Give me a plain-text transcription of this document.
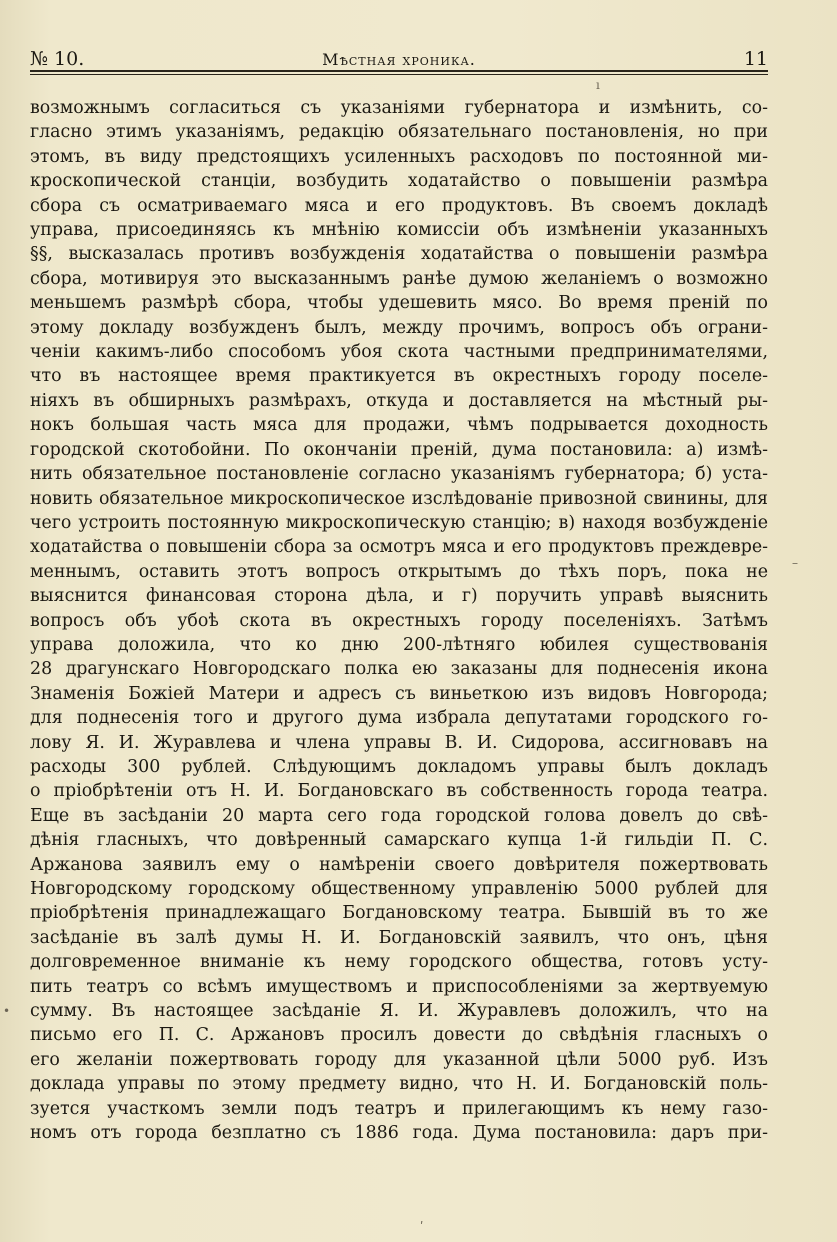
№ 10.	Мѣстная хроника.	11
возможнымъ согласиться съ указаніями губернатора и измѣнить, со-
гласно этимъ указаніямъ, редакцію обязательнаго постановленія, но при
этомъ, въ виду предстоящихъ усиленныхъ расходовъ по постоянной ми-
кроскопической станціи, возбудить ходатайство о повышеніи размѣра
сбора съ осматриваемаго мяса и его продуктовъ. Въ своемъ докладѣ
управа, присоединяясь къ мнѣнію комиссіи объ измѣненіи указанныхъ
§§, высказалась противъ возбужденія ходатайства о повышеніи размѣра
сбора, мотивируя это высказаннымъ ранѣе думою желаніемъ о возможно
меньшемъ размѣрѣ сбора, чтобы удешевить мясо. Во время преній по
этому докладу возбужденъ былъ, между прочимъ, вопросъ объ ограни-
ченіи какимъ-либо способомъ убоя скота частными предпринимателями,
что въ настоящее время практикуется въ окрестныхъ городу поселе-
ніяхъ въ обширныхъ размѣрахъ, откуда и доставляется на мѣстный ры-
нокъ большая часть мяса для продажи, чѣмъ подрывается доходность
городской скотобойни. По окончаніи преній, дума постановила: а) измѣ-
нить обязательное постановленіе согласно указаніямъ губернатора; б) уста-
новить обязательное микроскопическое изслѣдованіе привозной свинины, для
чего устроить постоянную микроскопическую станцію; в) находя возбужденіе
ходатайства о повышеніи сбора за осмотръ мяса и его продуктовъ преждевре-
меннымъ, оставить этотъ вопросъ открытымъ до тѣхъ поръ, пока не
выяснится финансовая сторона дѣла, и г) поручить управѣ выяснить
вопросъ объ убоѣ скота въ окрестныхъ городу поселеніяхъ. Затѣмъ
управа доложила, что ко дню 200-лѣтняго юбилея существованія
28 драгунскаго Новгородскаго полка ею заказаны для поднесенія икона
Знаменія Божіей Матери и адресъ съ виньеткою изъ видовъ Новгорода;
для поднесенія того и другого дума избрала депутатами городского го-
лову Я. И. Журавлева и члена управы В. И. Сидорова, ассигновавъ на
расходы 300 рублей. Слѣдующимъ докладомъ управы былъ докладъ
о пріобрѣтеніи отъ Н. И. Богдановскаго въ собственность города театра.
Еще въ засѣданіи 20 марта сего года городской голова довелъ до свѣ-
дѣнія гласныхъ, что довѣренный самарскаго купца 1-й гильдіи П. С.
Аржанова заявилъ ему о намѣреніи своего довѣрителя пожертвовать
Новгородскому городскому общественному управленію 5000 рублей для
пріобрѣтенія принадлежащаго Богдановскому театра. Бывшій въ то же
засѣданіе въ залѣ думы Н. И. Богдановскій заявилъ, что онъ, цѣня
долговременное вниманіе къ нему городского общества, готовъ усту-
пить театръ со всѣмъ имуществомъ и приспособленіями за жертвуемую
сумму. Въ настоящее засѣданіе Я. И. Журавлевъ доложилъ, что на
письмо его П. С. Аржановъ просилъ довести до свѣдѣнія гласныхъ о
его желаніи пожертвовать городу для указанной цѣли 5000 руб. Изъ
доклада управы по этому предмету видно, что Н. И. Богдановскій поль-
зуется участкомъ земли подъ театръ и прилегающимъ къ нему газо-
номъ отъ города безплатно съ 1886 года. Дума постановила: даръ при-
ı
–
•
ʹ
